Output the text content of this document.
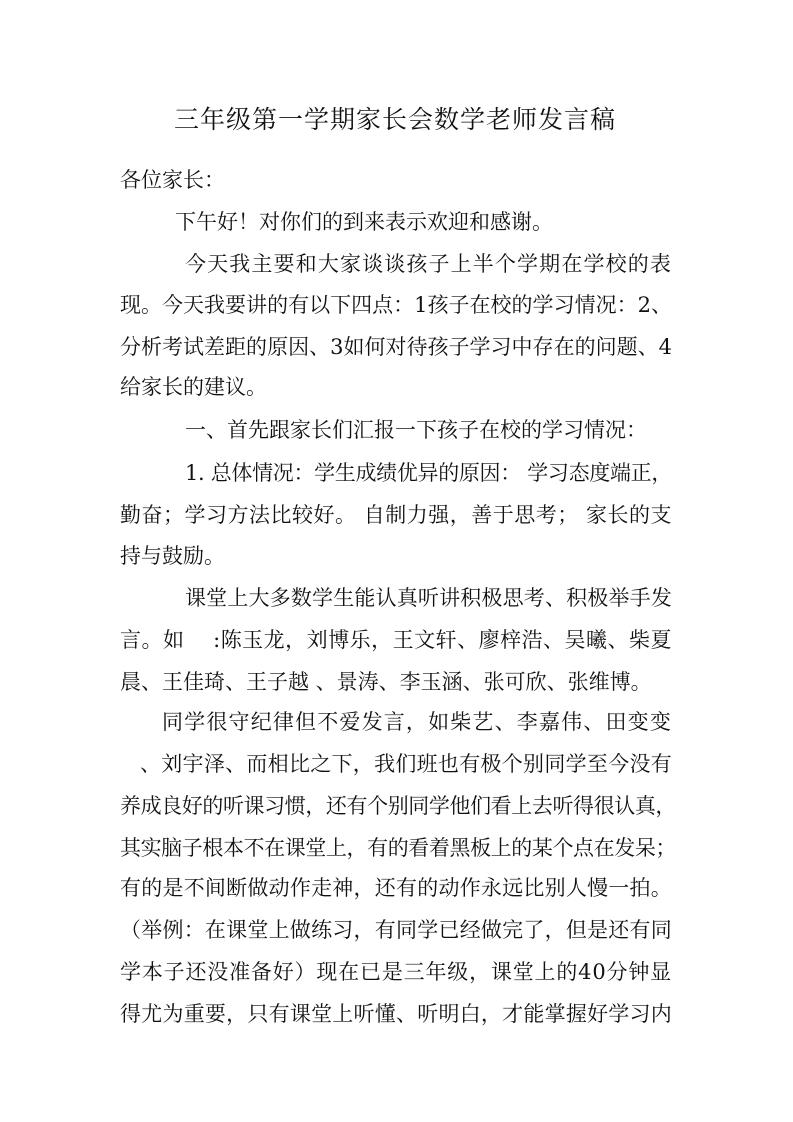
三年级第一学期家长会数学老师发言稿
各位家长：
下午好！对你们的到来表示欢迎和感谢。
今天我主要和大家谈谈孩子上半个学期在学校的表
现。今天我要讲的有以下四点：1孩子在校的学习情况：2、
分析考试差距的原因、3如何对待孩子学习中存在的问题、4
给家长的建议。
一、首先跟家长们汇报一下孩子在校的学习情况：
1. 总体情况：学生成绩优异的原因： 学习态度端正，
勤奋；学习方法比较好。 自制力强，善于思考； 家长的支
持与鼓励。
课堂上大多数学生能认真听讲积极思考、积极举手发
言。如　 :陈玉龙，刘博乐，王文轩、廖梓浩、吴曦、柴夏
晨、王佳琦、王子越 、景涛、李玉涵、张可欣、张维博。
同学很守纪律但不爱发言，如柴艺、李嘉伟、田变变
、刘宇泽、而相比之下，我们班也有极个别同学至今没有
养成良好的听课习惯，还有个别同学他们看上去听得很认真，
其实脑子根本不在课堂上，有的看着黑板上的某个点在发呆；
有的是不间断做动作走神，还有的动作永远比别人慢一拍。
（举例：在课堂上做练习，有同学已经做完了，但是还有同
学本子还没准备好）现在已是三年级，课堂上的40分钟显
得尤为重要，只有课堂上听懂、听明白，才能掌握好学习内
